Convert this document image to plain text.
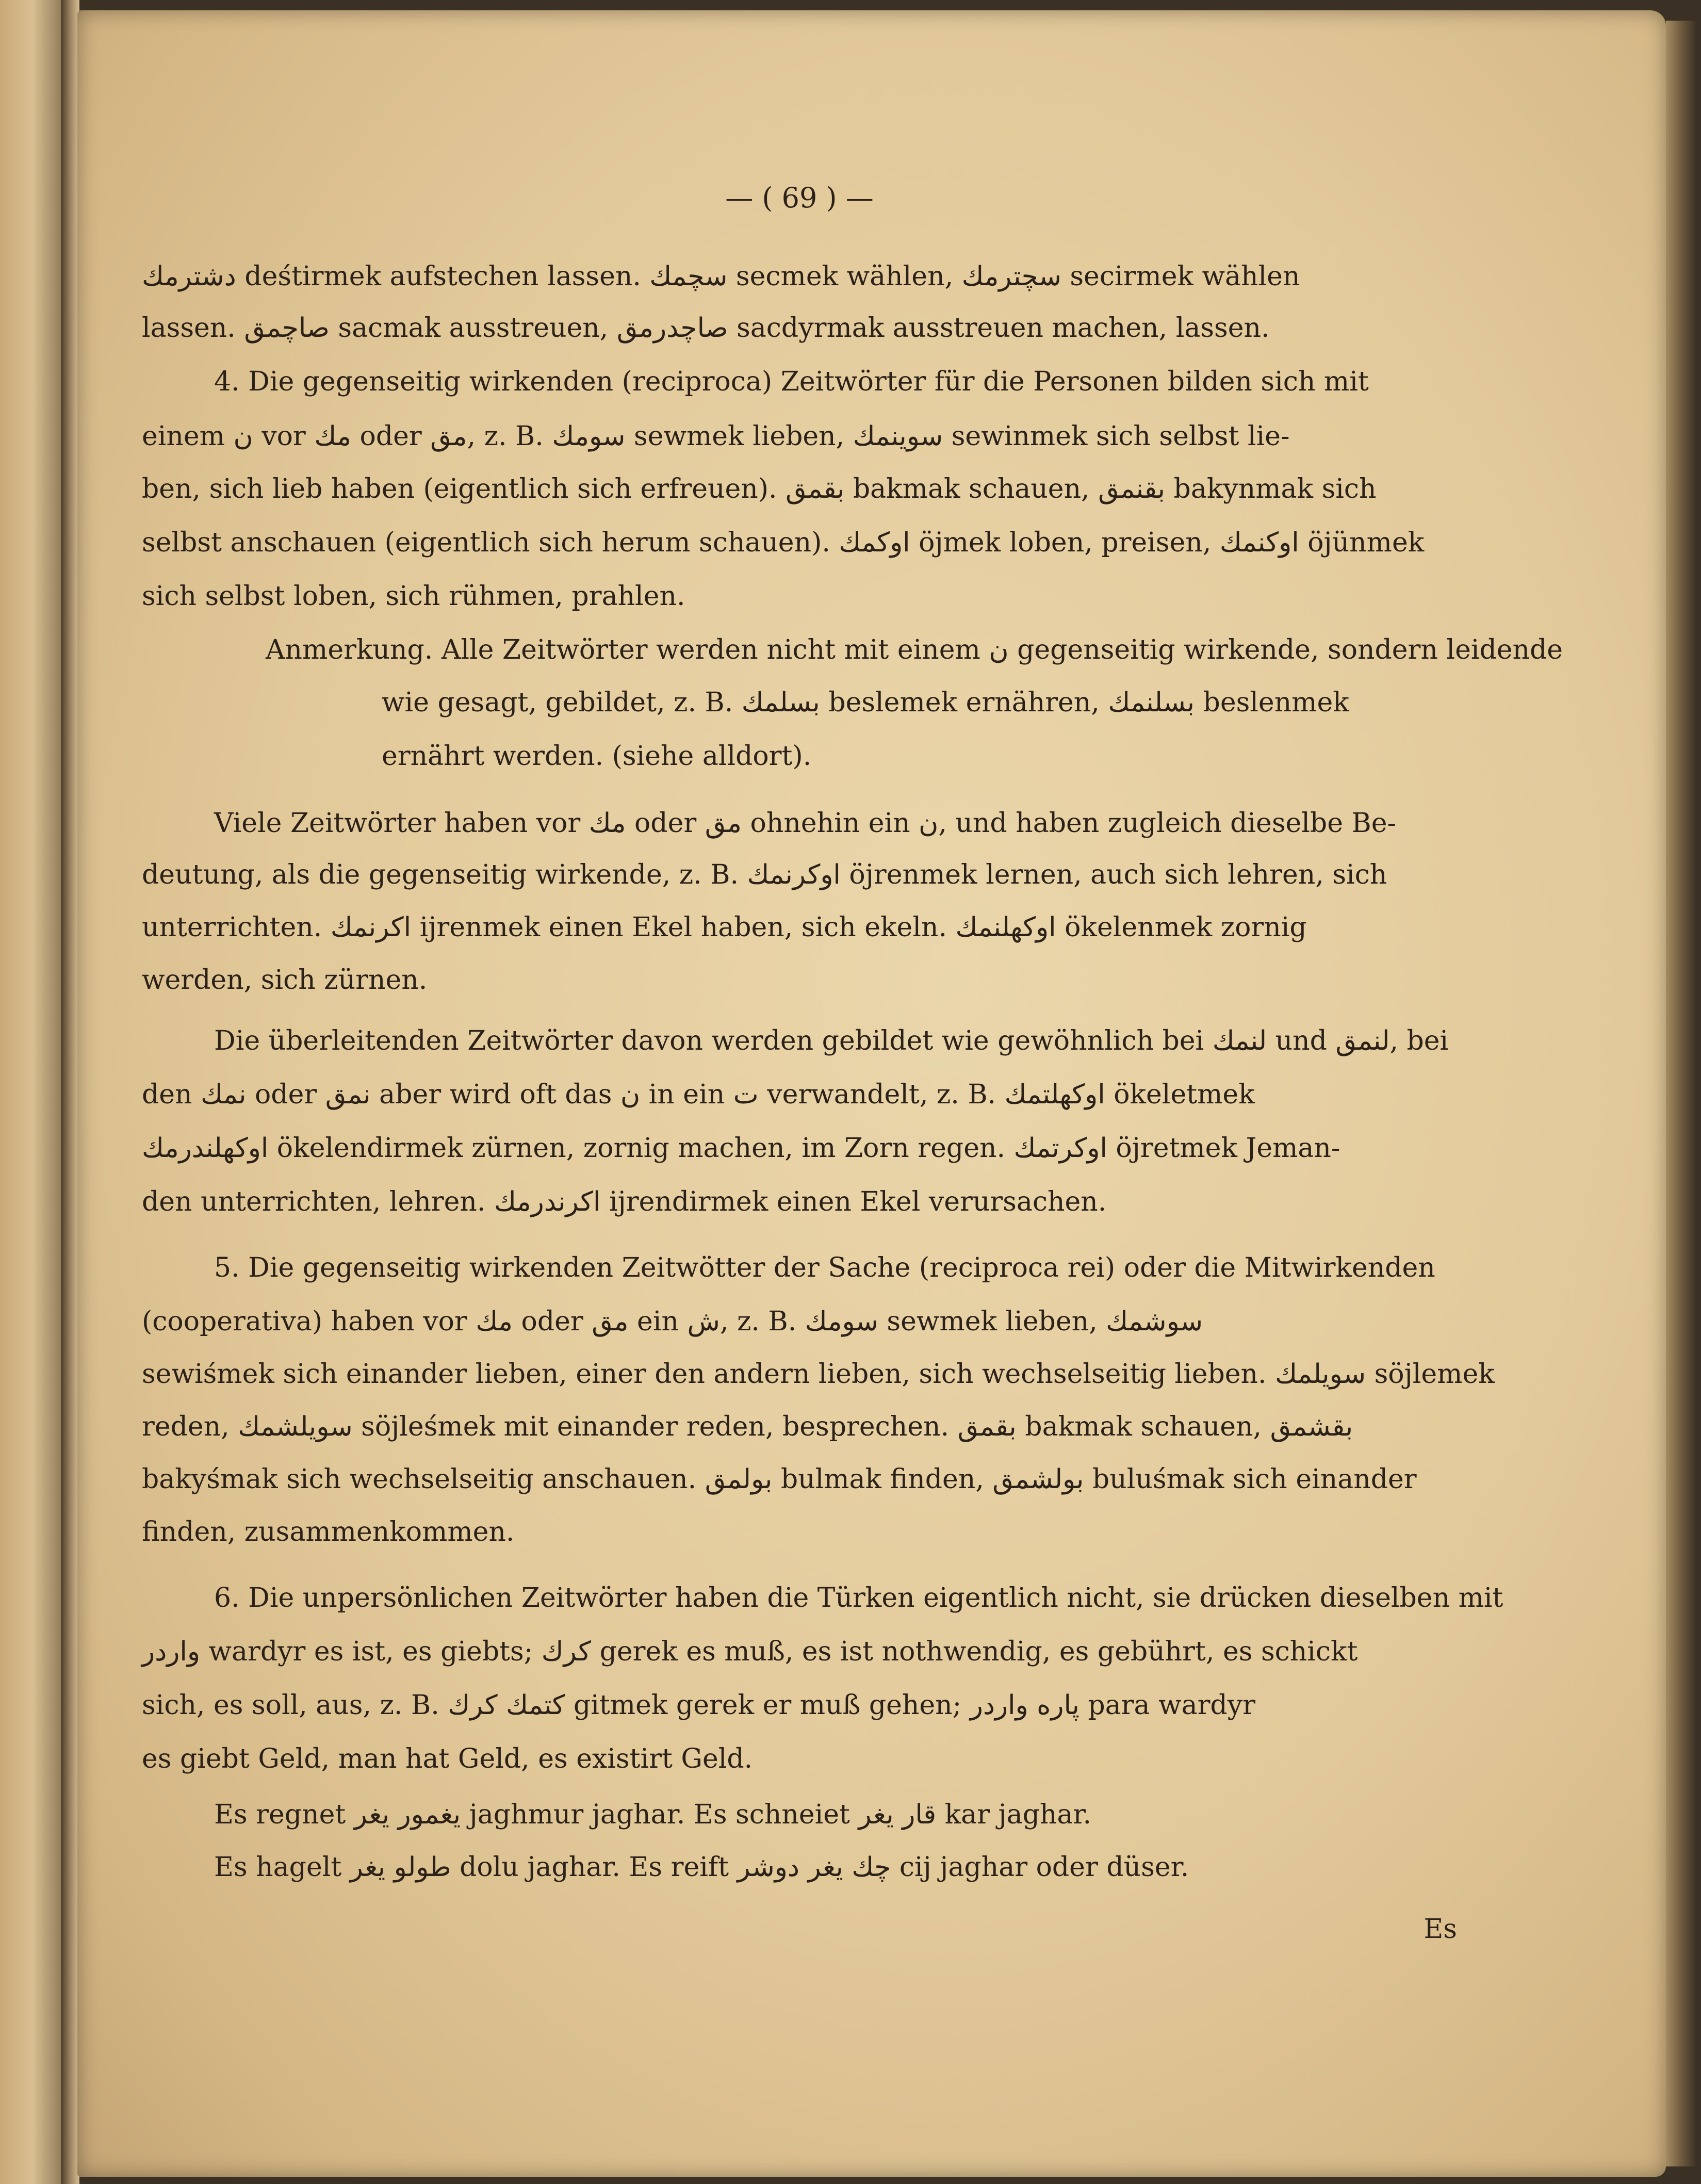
— ( 69 ) —
دشترمك deśtirmek aufstechen lassen. سچمك secmek wählen, سچترمك secirmek wählen
lassen. صاچمق sacmak ausstreuen, صاچدرمق sacdyrmak ausstreuen machen, lassen.
4. Die gegenseitig wirkenden (reciproca) Zeitwörter für die Personen bilden sich mit
einem ن vor مك oder مق, z. B. سومك sewmek lieben, سوينمك sewinmek sich selbst lie-
ben, sich lieb haben (eigentlich sich erfreuen). بقمق bakmak schauen, بقنمق bakynmak sich
selbst anschauen (eigentlich sich herum schauen). اوكمك öjmek loben, preisen, اوكنمك öjünmek
sich selbst loben, sich rühmen, prahlen.
Anmerkung. Alle Zeitwörter werden nicht mit einem ن gegenseitig wirkende, sondern leidende
wie gesagt, gebildet, z. B. بسلمك beslemek ernähren, بسلنمك beslenmek
ernährt werden. (siehe alldort).
Viele Zeitwörter haben vor مك oder مق ohnehin ein ن, und haben zugleich dieselbe Be-
deutung, als die gegenseitig wirkende, z. B. اوكرنمك öjrenmek lernen, auch sich lehren, sich
unterrichten. اكرنمك ijrenmek einen Ekel haben, sich ekeln. اوكهلنمك ökelenmek zornig
werden, sich zürnen.
Die überleitenden Zeitwörter davon werden gebildet wie gewöhnlich bei لنمك und لنمق, bei
den نمك oder نمق aber wird oft das ن in ein ت verwandelt, z. B. اوكهلتمك ökeletmek
اوكهلندرمك ökelendirmek zürnen, zornig machen, im Zorn regen. اوكرتمك öjretmek Jeman-
den unterrichten, lehren. اكرندرمك ijrendirmek einen Ekel verursachen.
5. Die gegenseitig wirkenden Zeitwötter der Sache (reciproca rei) oder die Mitwirkenden
(cooperativa) haben vor مك oder مق ein ش, z. B. سومك sewmek lieben, سوشمك
sewiśmek sich einander lieben, einer den andern lieben, sich wechselseitig lieben. سويلمك söjlemek
reden, سويلشمك söjleśmek mit einander reden, besprechen. بقمق bakmak schauen, بقشمق
bakyśmak sich wechselseitig anschauen. بولمق bulmak finden, بولشمق buluśmak sich einander
finden, zusammenkommen.
6. Die unpersönlichen Zeitwörter haben die Türken eigentlich nicht, sie drücken dieselben mit
واردر wardyr es ist, es giebts; كرك gerek es muß, es ist nothwendig, es gebührt, es schickt
sich, es soll, aus, z. B. كتمك كرك gitmek gerek er muß gehen; پاره واردر para wardyr
es giebt Geld, man hat Geld, es existirt Geld.
Es regnet يغمور يغر jaghmur jaghar. Es schneiet قار يغر kar jaghar.
Es hagelt طولو يغر dolu jaghar. Es reift چك يغر دوشر cij jaghar oder düser.
Es
